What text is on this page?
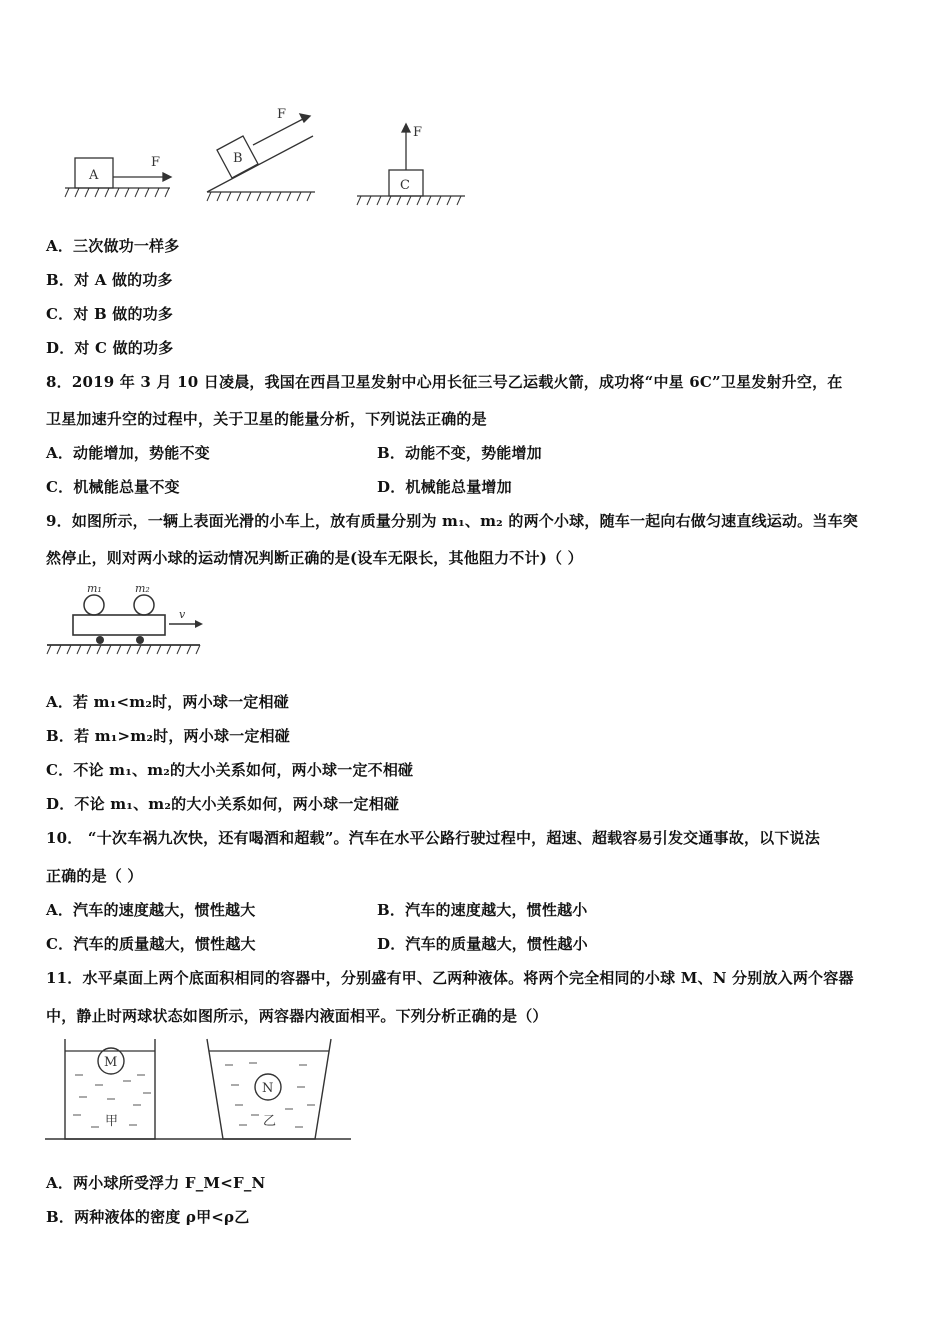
A
F	B
F
C
F
A．三次做功一样多
B．对 A 做的功多
C．对 B 做的功多
D．对 C 做的功多
8．2019 年 3 月 10 日凌晨，我国在西昌卫星发射中心用长征三号乙运载火箭，成功将“中星 6C”卫星发射升空，在
卫星加速升空的过程中，关于卫星的能量分析，下列说法正确的是
A．动能增加，势能不变	B．动能不变，势能增加
C．机械能总量不变	D．机械能总量增加
9．如图所示，一辆上表面光滑的小车上，放有质量分别为 m₁、m₂ 的两个小球，随车一起向右做匀速直线运动。当车突
然停止，则对两小球的运动情况判断正确的是(设车无限长，其他阻力不计)（ ）
m₁	m₂
v
A．若 m₁<m₂时，两小球一定相碰
B．若 m₁>m₂时，两小球一定相碰
C．不论 m₁、m₂的大小关系如何，两小球一定不相碰
D．不论 m₁、m₂的大小关系如何，两小球一定相碰
10． “十次车祸九次快，还有喝酒和超载”。汽车在水平公路行驶过程中，超速、超载容易引发交通事故，以下说法
正确的是（ ）
A．汽车的速度越大，惯性越大	B．汽车的速度越大，惯性越小
C．汽车的质量越大，惯性越大	D．汽车的质量越大，惯性越小
11．水平桌面上两个底面积相同的容器中，分别盛有甲、乙两种液体。将两个完全相同的小球 M、N 分别放入两个容器
中，静止时两球状态如图所示，两容器内液面相平。下列分析正确的是（）
M
N
甲	乙
A．两小球所受浮力 F_M<F_N
B．两种液体的密度 ρ甲<ρ乙
